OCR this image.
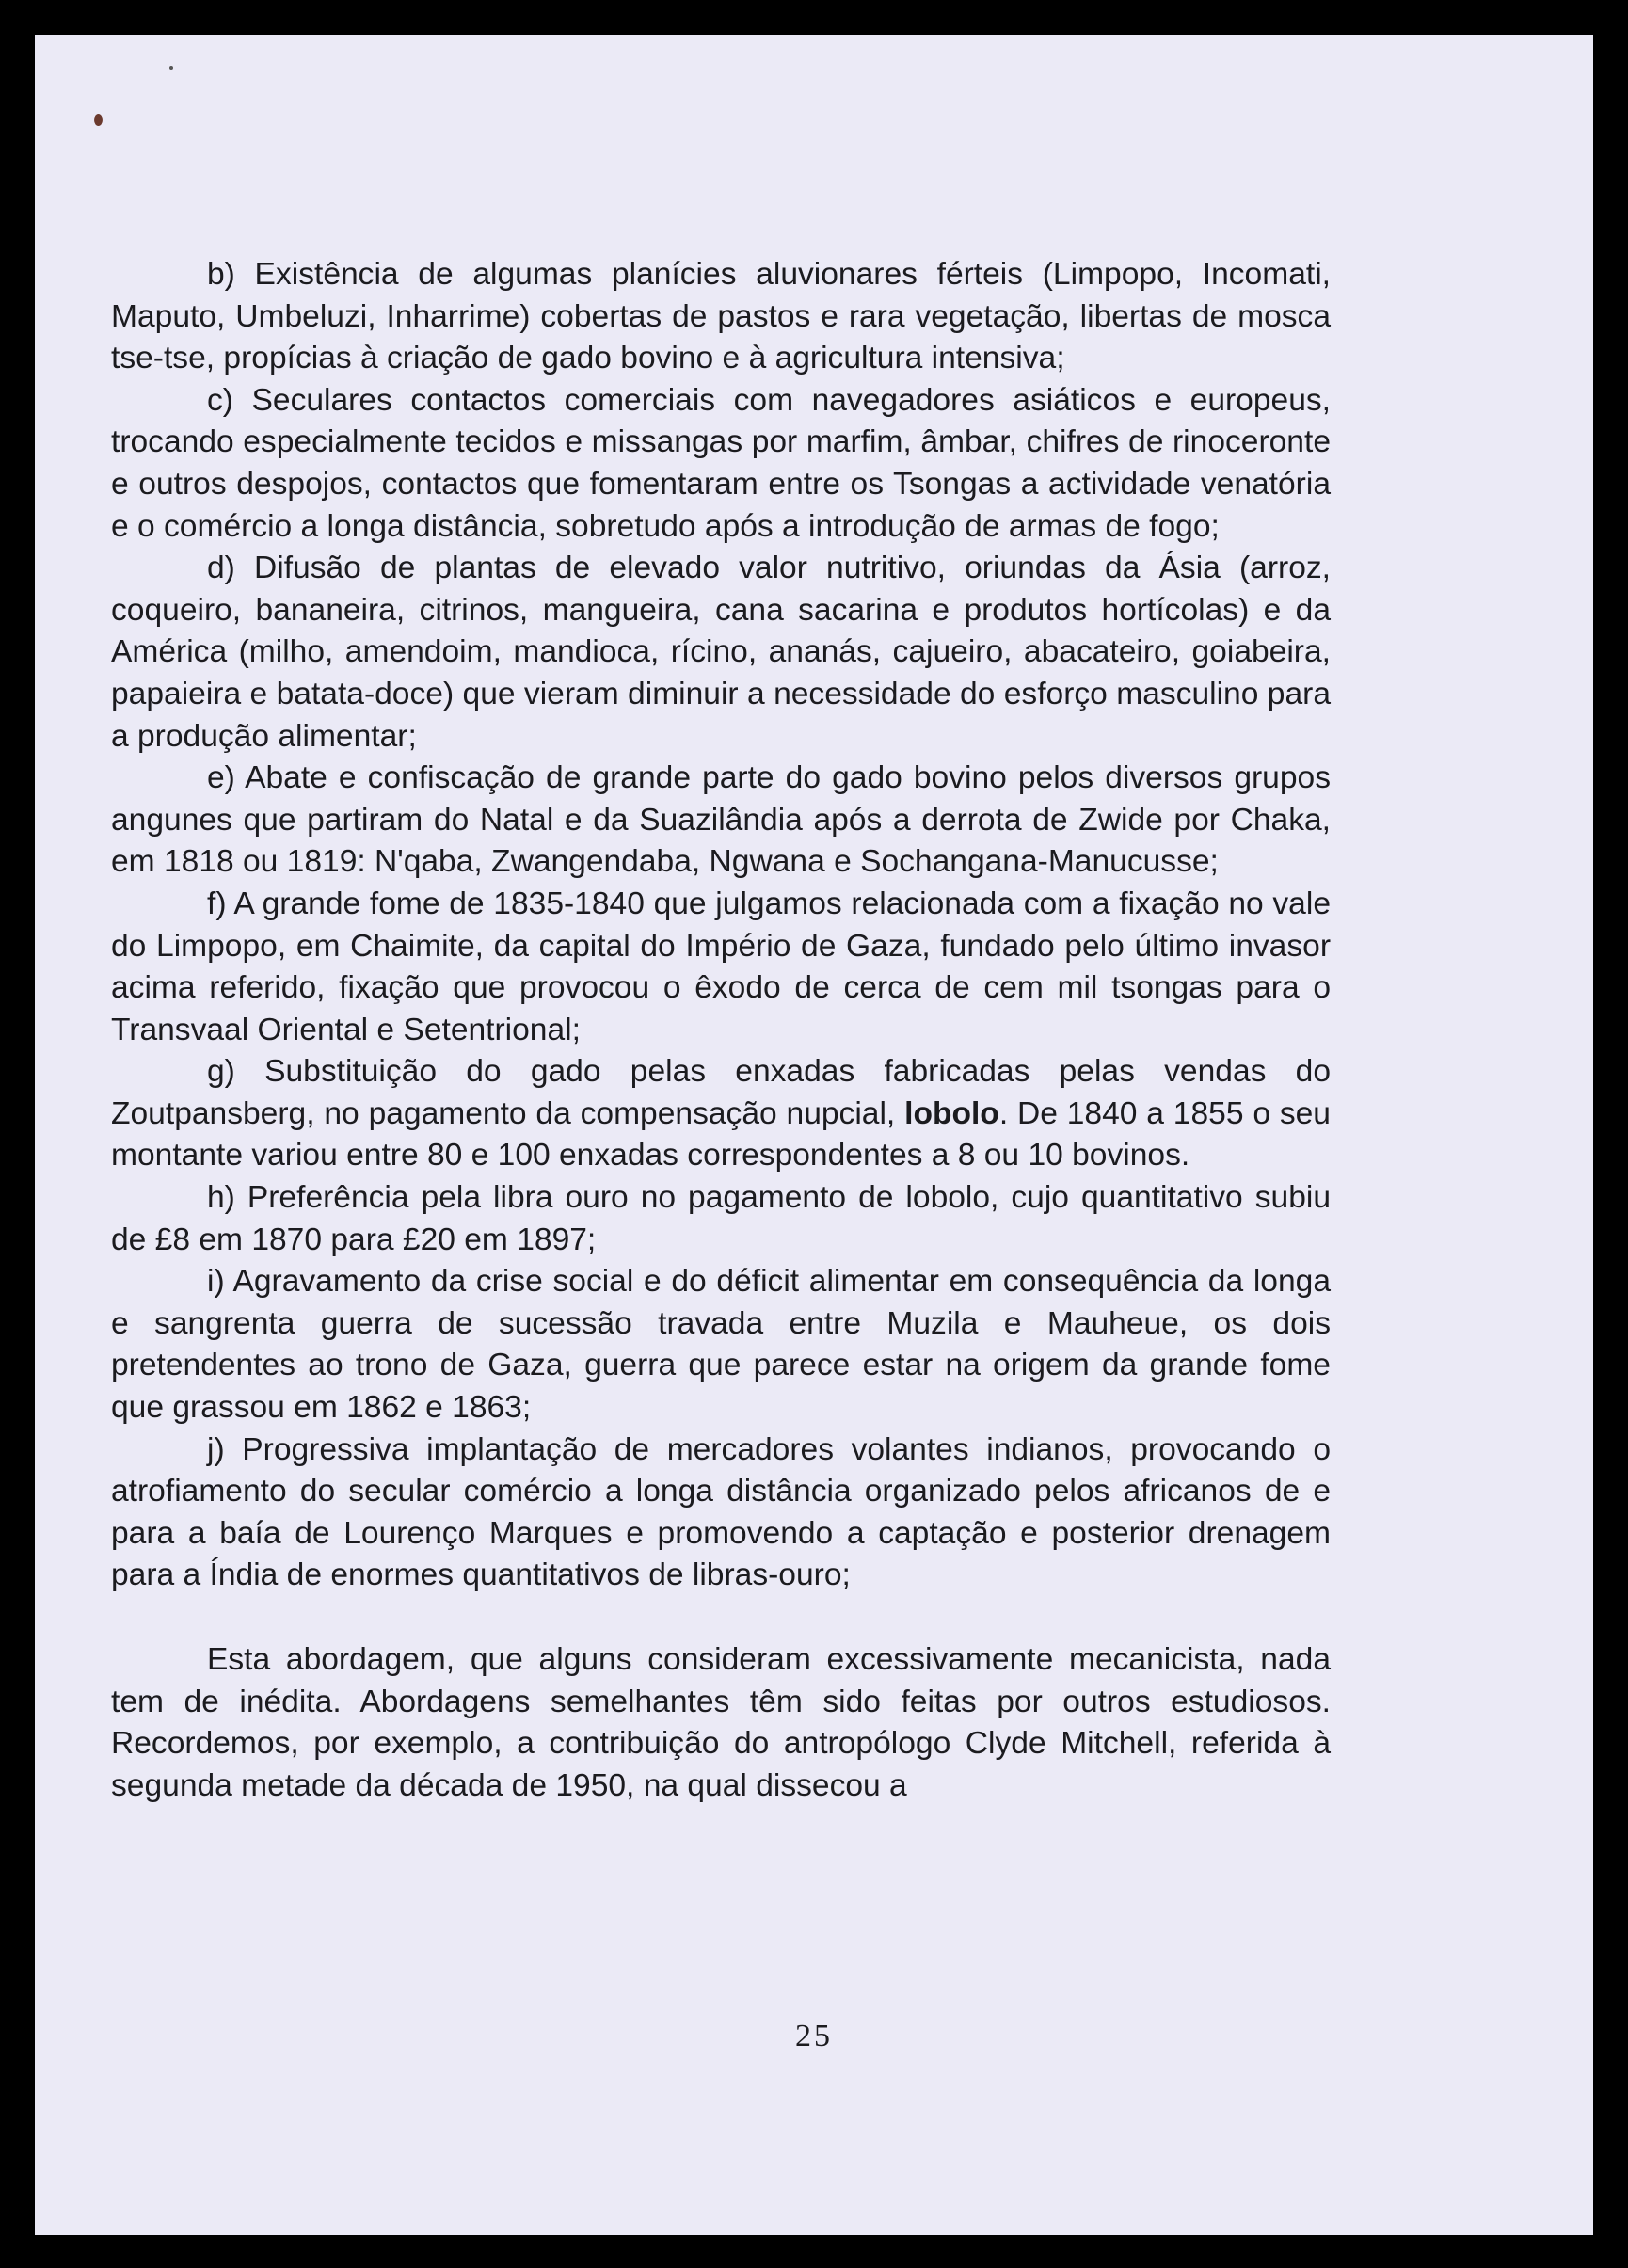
b) Existência de algumas planícies aluvionares férteis (Limpopo, Incomati, Maputo, Umbeluzi, Inharrime) cobertas de pastos e rara vegetação, libertas de mosca tse-tse, propícias à criação de gado bovino e à agricultura intensiva;

c) Seculares contactos comerciais com navegadores asiáticos e europeus, trocando especialmente tecidos e missangas por marfim, âmbar, chifres de rinoceronte e outros despojos, contactos que fomentaram entre os Tsongas a actividade venatória e o comércio a longa distância, sobretudo após a introdução de armas de fogo;

d) Difusão de plantas de elevado valor nutritivo, oriundas da Ásia (arroz, coqueiro, bananeira, citrinos, mangueira, cana sacarina e produtos hortícolas) e da América (milho, amendoim, mandioca, rícino, ananás, cajueiro, abacateiro, goiabeira, papaieira e batata-doce) que vieram diminuir a necessidade do esforço masculino para a produção alimentar;

e) Abate e confiscação de grande parte do gado bovino pelos diversos grupos angunes que partiram do Natal e da Suazilândia após a derrota de Zwide por Chaka, em 1818 ou 1819: N'qaba, Zwangendaba, Ngwana e Sochangana-Manucusse;

f) A grande fome de 1835-1840 que julgamos relacionada com a fixação no vale do Limpopo, em Chaimite, da capital do Império de Gaza, fundado pelo último invasor acima referido, fixação que provocou o êxodo de cerca de cem mil tsongas para o Transvaal Oriental e Setentrional;

g) Substituição do gado pelas enxadas fabricadas pelas vendas do Zoutpansberg, no pagamento da compensação nupcial, lobolo. De 1840 a 1855 o seu montante variou entre 80 e 100 enxadas correspondentes a 8 ou 10 bovinos.

h) Preferência pela libra ouro no pagamento de lobolo, cujo quantitativo subiu de £8 em 1870 para £20 em 1897;

i) Agravamento da crise social e do déficit alimentar em consequência da longa e sangrenta guerra de sucessão travada entre Muzila e Mauheue, os dois pretendentes ao trono de Gaza, guerra que parece estar na origem da grande fome que grassou em 1862 e 1863;

j) Progressiva implantação de mercadores volantes indianos, provocando o atrofiamento do secular comércio a longa distância organizado pelos africanos de e para a baía de Lourenço Marques e promovendo a captação e posterior drenagem para a Índia de enormes quantitativos de libras-ouro;

Esta abordagem, que alguns consideram excessivamente mecanicista, nada tem de inédita. Abordagens semelhantes têm sido feitas por outros estudiosos. Recordemos, por exemplo, a contribuição do antropólogo Clyde Mitchell, referida à segunda metade da década de 1950, na qual dissecou a

25
